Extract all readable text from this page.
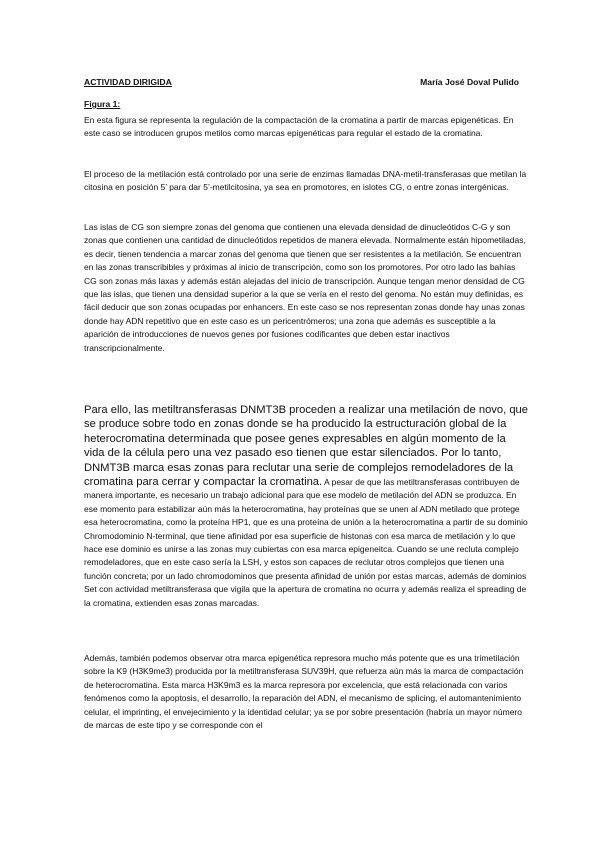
ACTIVIDAD DIRIGIDA	María José Doval Pulido
Figura 1:

En esta figura se representa la regulación de la compactación de la cromatina a partir de marcas epigenéticas. En este caso se introducen grupos metilos como marcas epigenéticas para regular el estado de la cromatina.

El proceso de la metilación está controlado por una serie de enzimas llamadas DNA-metil-transferasas que metilan la citosina en posición 5’ para dar 5’-metilcitosina, ya sea en promotores, en islotes CG, o entre zonas intergénicas.

Las islas de CG son siempre zonas del genoma que contienen una elevada densidad de dinucleótidos C-G y son zonas que contienen una cantidad de dinucleótidos repetidos de manera elevada. Normalmente están hipometiladas, es decir, tienen tendencia a marcar zonas del genoma que tienen que ser resistentes a la metilación. Se encuentran en las zonas transcribibles y próximas al inicio de transcripción, como son los promotores. Por otro lado las bahías CG son zonas más laxas y además están alejadas del inicio de transcripción. Aunque tengan menor densidad de CG que las islas, que tienen una densidad superior a la que se vería en el resto del genoma. No están muy definidas, es fácil deducir que son zonas ocupadas por enhancers. En este caso se nos representan zonas donde hay unas zonas donde hay ADN repetitivo que en este caso es un pericentrómeros; una zona que además es susceptible a la aparición de introducciones de nuevos genes por fusiones codificantes que deben estar inactivos transcripcionalmente.

Para ello, las metiltransferasas DNMT3B proceden a realizar una metilación de novo, que se produce sobre todo en zonas donde se ha producido la estructuración global de la heterocromatina determinada que posee genes expresables en algún momento de la vida de la célula pero una vez pasado eso tienen que estar silenciados. Por lo tanto, DNMT3B marca esas zonas para reclutar una serie de complejos remodeladores de la cromatina para cerrar y compactar la cromatina. A pesar de que las metiltransferasas contribuyen de manera importante, es necesario un trabajo adicional para que ese modelo de metilación del ADN se produzca. En ese momento para estabilizar aún más la heterocromatina, hay proteínas que se unen al ADN metilado que protege esa heterocromatina, como la proteína HP1, que es una proteína de unión a la heterocromatina a partir de su dominio Chromodominio N-terminal, que tiene afinidad por esa superficie de histonas con esa marca de metilación y lo que hace ese dominio es unirse a las zonas muy cubiertas con esa marca epigeneitca. Cuando se une recluta complejo remodeladores, que en este caso sería la LSH, y estos son capaces de reclutar otros complejos que tienen una función concreta; por un lado chromodominos que presenta afinidad de unión por estas marcas, además de dominios Set con actividad metiltransferasa que vigila que la apertura de cromatina no ocurra y además realiza el spreading de la cromatina, extienden esas zonas marcadas.

Además, también podemos observar otra marca epigenética represora mucho más potente que es una trimetilación sobre la K9 (H3K9me3) producida por la metiltransferasa SUV39H, que refuerza aún más la marca de compactación de heterocromatina. Esta marca H3K9m3 es la marca represora por excelencia, que está relacionada con varios fenómenos como la apoptosis, el desarrollo, la reparación del ADN, el mecanismo de splicing, el automantenimiento celular, el imprinting, el envejecimiento y la identidad celular; ya se por sobre presentación (habría un mayor número de marcas de este tipo y se corresponde con el
